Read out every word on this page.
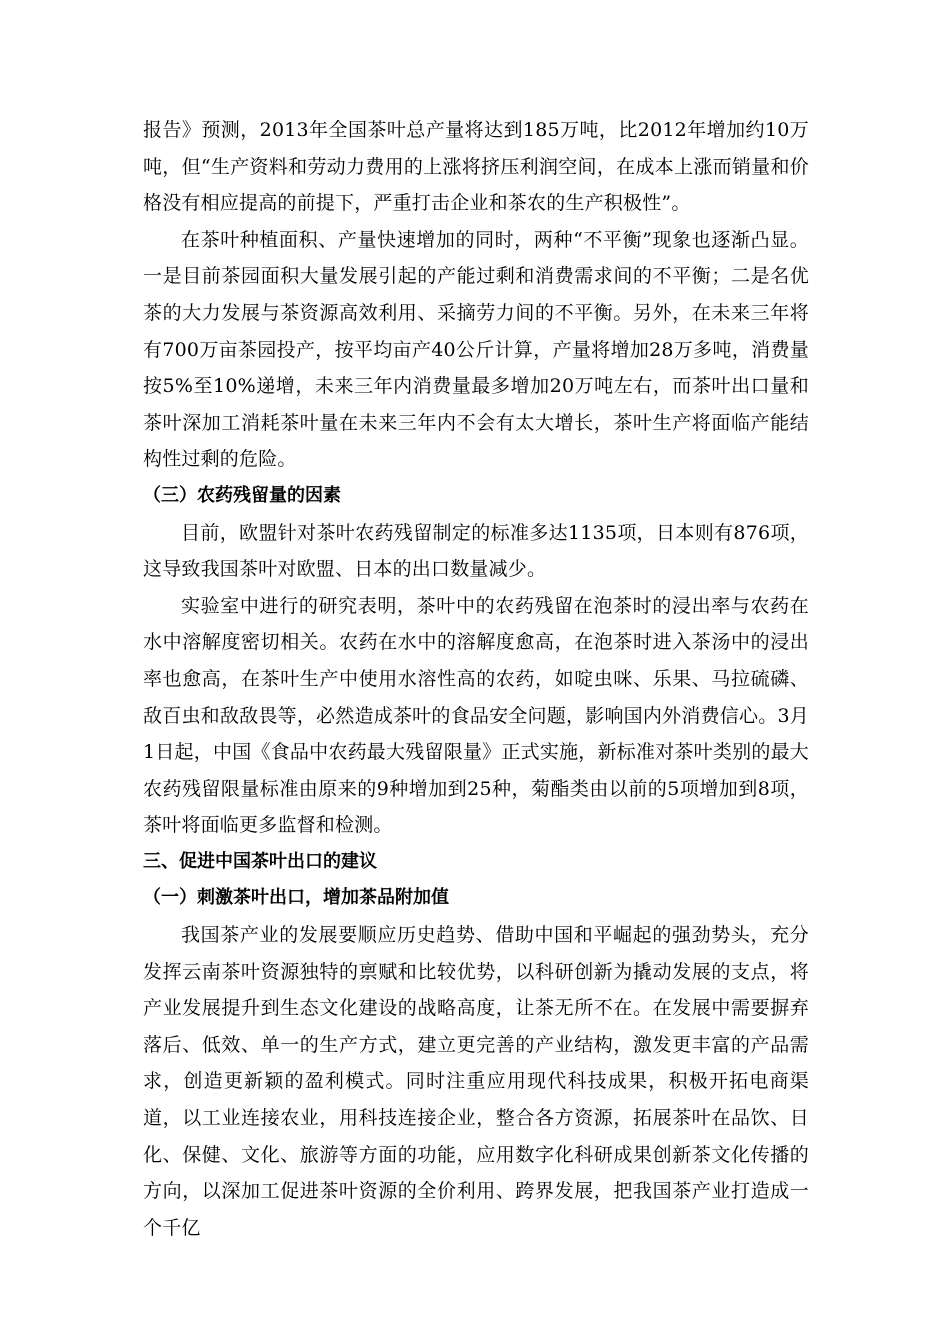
报告》预测，2013年全国茶叶总产量将达到185万吨，比2012年增加约10万吨，但“生产资料和劳动力费用的上涨将挤压利润空间，在成本上涨而销量和价格没有相应提高的前提下，严重打击企业和茶农的生产积极性”。

在茶叶种植面积、产量快速增加的同时，两种“不平衡”现象也逐渐凸显。一是目前茶园面积大量发展引起的产能过剩和消费需求间的不平衡；二是名优茶的大力发展与茶资源高效利用、采摘劳力间的不平衡。另外，在未来三年将有700万亩茶园投产，按平均亩产40公斤计算，产量将增加28万多吨，消费量按5%至10%递增，未来三年内消费量最多增加20万吨左右，而茶叶出口量和茶叶深加工消耗茶叶量在未来三年内不会有太大增长，茶叶生产将面临产能结构性过剩的危险。

（三）农药残留量的因素

目前，欧盟针对茶叶农药残留制定的标准多达1135项，日本则有876项，这导致我国茶叶对欧盟、日本的出口数量减少。

实验室中进行的研究表明，茶叶中的农药残留在泡茶时的浸出率与农药在水中溶解度密切相关。农药在水中的溶解度愈高，在泡茶时进入茶汤中的浸出率也愈高，在茶叶生产中使用水溶性高的农药，如啶虫咪、乐果、马拉硫磷、敌百虫和敌敌畏等，必然造成茶叶的食品安全问题，影响国内外消费信心。3月1日起，中国《食品中农药最大残留限量》正式实施，新标准对茶叶类别的最大农药残留限量标准由原来的9种增加到25种，菊酯类由以前的5项增加到8项，茶叶将面临更多监督和检测。

三、促进中国茶叶出口的建议
（一）刺激茶叶出口，增加茶品附加值

我国茶产业的发展要顺应历史趋势、借助中国和平崛起的强劲势头，充分发挥云南茶叶资源独特的禀赋和比较优势，以科研创新为撬动发展的支点，将产业发展提升到生态文化建设的战略高度，让茶无所不在。在发展中需要摒弃落后、低效、单一的生产方式，建立更完善的产业结构，激发更丰富的产品需求，创造更新颖的盈利模式。同时注重应用现代科技成果，积极开拓电商渠道，以工业连接农业，用科技连接企业，整合各方资源，拓展茶叶在品饮、日化、保健、文化、旅游等方面的功能，应用数字化科研成果创新茶文化传播的方向，以深加工促进茶叶资源的全价利用、跨界发展，把我国茶产业打造成一个千亿
